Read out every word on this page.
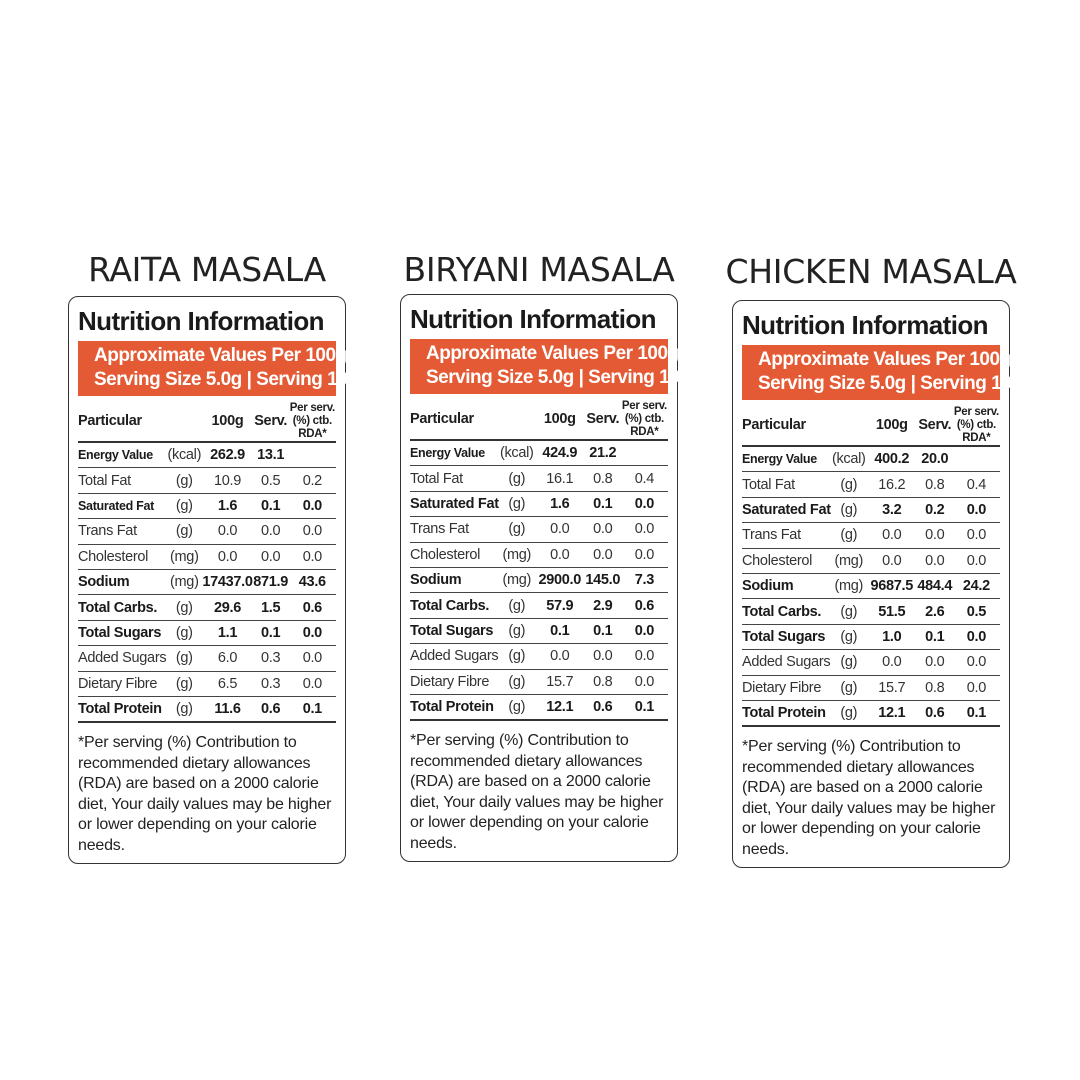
RAITA MASALA
Nutrition Information
Approximate Values Per 100g
Serving Size 5.0g | Serving 10
Particular		100g	Serv.	Per serv.
(%) ctb.
RDA*
Energy Value	(kcal)	262.9	13.1	
Total Fat	(g)	10.9	0.5	0.2
Saturated Fat	(g)	1.6	0.1	0.0
Trans Fat	(g)	0.0	0.0	0.0
Cholesterol	(mg)	0.0	0.0	0.0
Sodium	(mg)	17437.0	871.9	43.6
Total Carbs.	(g)	29.6	1.5	0.6
Total Sugars	(g)	1.1	0.1	0.0
Added Sugars	(g)	6.0	0.3	0.0
Dietary Fibre	(g)	6.5	0.3	0.0
Total Protein	(g)	11.6	0.6	0.1
*Per serving (%) Contribution to recommended dietary allowances (RDA) are based on a 2000 calorie diet, Your daily values may be higher or lower depending on your calorie needs.
BIRYANI MASALA
Nutrition Information
Approximate Values Per 100g
Serving Size 5.0g | Serving 10
Particular		100g	Serv.	Per serv.
(%) ctb.
RDA*
Energy Value	(kcal)	424.9	21.2	
Total Fat	(g)	16.1	0.8	0.4
Saturated Fat	(g)	1.6	0.1	0.0
Trans Fat	(g)	0.0	0.0	0.0
Cholesterol	(mg)	0.0	0.0	0.0
Sodium	(mg)	2900.0	145.0	7.3
Total Carbs.	(g)	57.9	2.9	0.6
Total Sugars	(g)	0.1	0.1	0.0
Added Sugars	(g)	0.0	0.0	0.0
Dietary Fibre	(g)	15.7	0.8	0.0
Total Protein	(g)	12.1	0.6	0.1
*Per serving (%) Contribution to recommended dietary allowances (RDA) are based on a 2000 calorie diet, Your daily values may be higher or lower depending on your calorie needs.
CHICKEN MASALA
Nutrition Information
Approximate Values Per 100g
Serving Size 5.0g | Serving 10
Particular		100g	Serv.	Per serv.
(%) ctb.
RDA*
Energy Value	(kcal)	400.2	20.0	
Total Fat	(g)	16.2	0.8	0.4
Saturated Fat	(g)	3.2	0.2	0.0
Trans Fat	(g)	0.0	0.0	0.0
Cholesterol	(mg)	0.0	0.0	0.0
Sodium	(mg)	9687.5	484.4	24.2
Total Carbs.	(g)	51.5	2.6	0.5
Total Sugars	(g)	1.0	0.1	0.0
Added Sugars	(g)	0.0	0.0	0.0
Dietary Fibre	(g)	15.7	0.8	0.0
Total Protein	(g)	12.1	0.6	0.1
*Per serving (%) Contribution to recommended dietary allowances (RDA) are based on a 2000 calorie diet, Your daily values may be higher or lower depending on your calorie needs.
